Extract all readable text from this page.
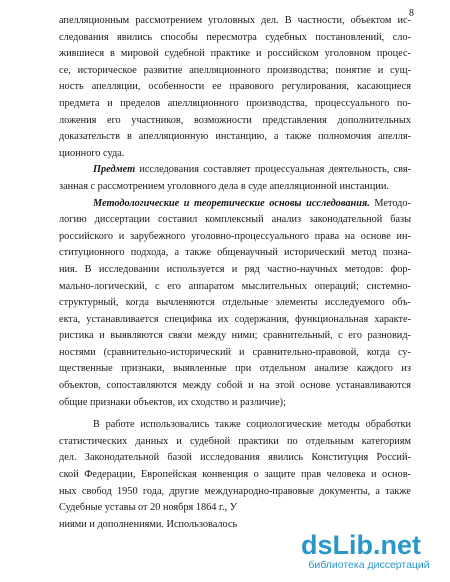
8
апелляционным рассмотрением уголовных дел. В частности, объектом ис-
следования явились способы пересмотра судебных постановлений, сло-
жившиеся в мировой судебной практике и российском уголовном процес-
се, историческое развитие апелляционного производства; понятие и сущ-
ность апелляции, особенности ее правового регулирования, касающиеся
предмета и пределов апелляционного производства, процессуального по-
ложения его участников, возможности представления дополнительных
доказательств в апелляционную инстанцию, а также полномочия апелля-
ционного суда.
Предмет исследования составляет процессуальная деятельность, свя-
занная с рассмотрением уголовного дела в суде апелляционной инстанции.
Методологические и теоретические основы исследования. Методо-
логию диссертации составил комплексный анализ законодательной базы
российского и зарубежного уголовно-процессуального права на основе ин-
ституционного подхода, а также общенаучный исторический метод позна-
ния. В исследовании используется и ряд частно-научных методов: фор-
мально-логический, с его аппаратом мыслительных операций; системно-
структурный, когда вычленяются отдельные элементы исследуемого объ-
екта, устанавливается специфика их содержания, функциональная характе-
ристика и выявляются связи между ними; сравнительный, с его разновид-
ностями (сравнительно-исторический и сравнительно-правовой, когда су-
щественные признаки, выявленные при отдельном анализе каждого из
объектов, сопоставляются между собой и на этой основе устанавливаются
общие признаки объектов, их сходство и различие);
В работе использовались также социологические методы обработки
статистических данных и судебной практики по отдельным категориям
дел. Законодательной базой исследования явились Конституция Россий-
ской Федерации, Европейская конвенция о защите прав человека и основ-
ных свобод 1950 года, другие международно-правовые документы, а также
Судебные уставы от 20 ноября 1864 г., У
ниями и дополнениями. Использовалось
dsLib.net
библиотека диссертаций
